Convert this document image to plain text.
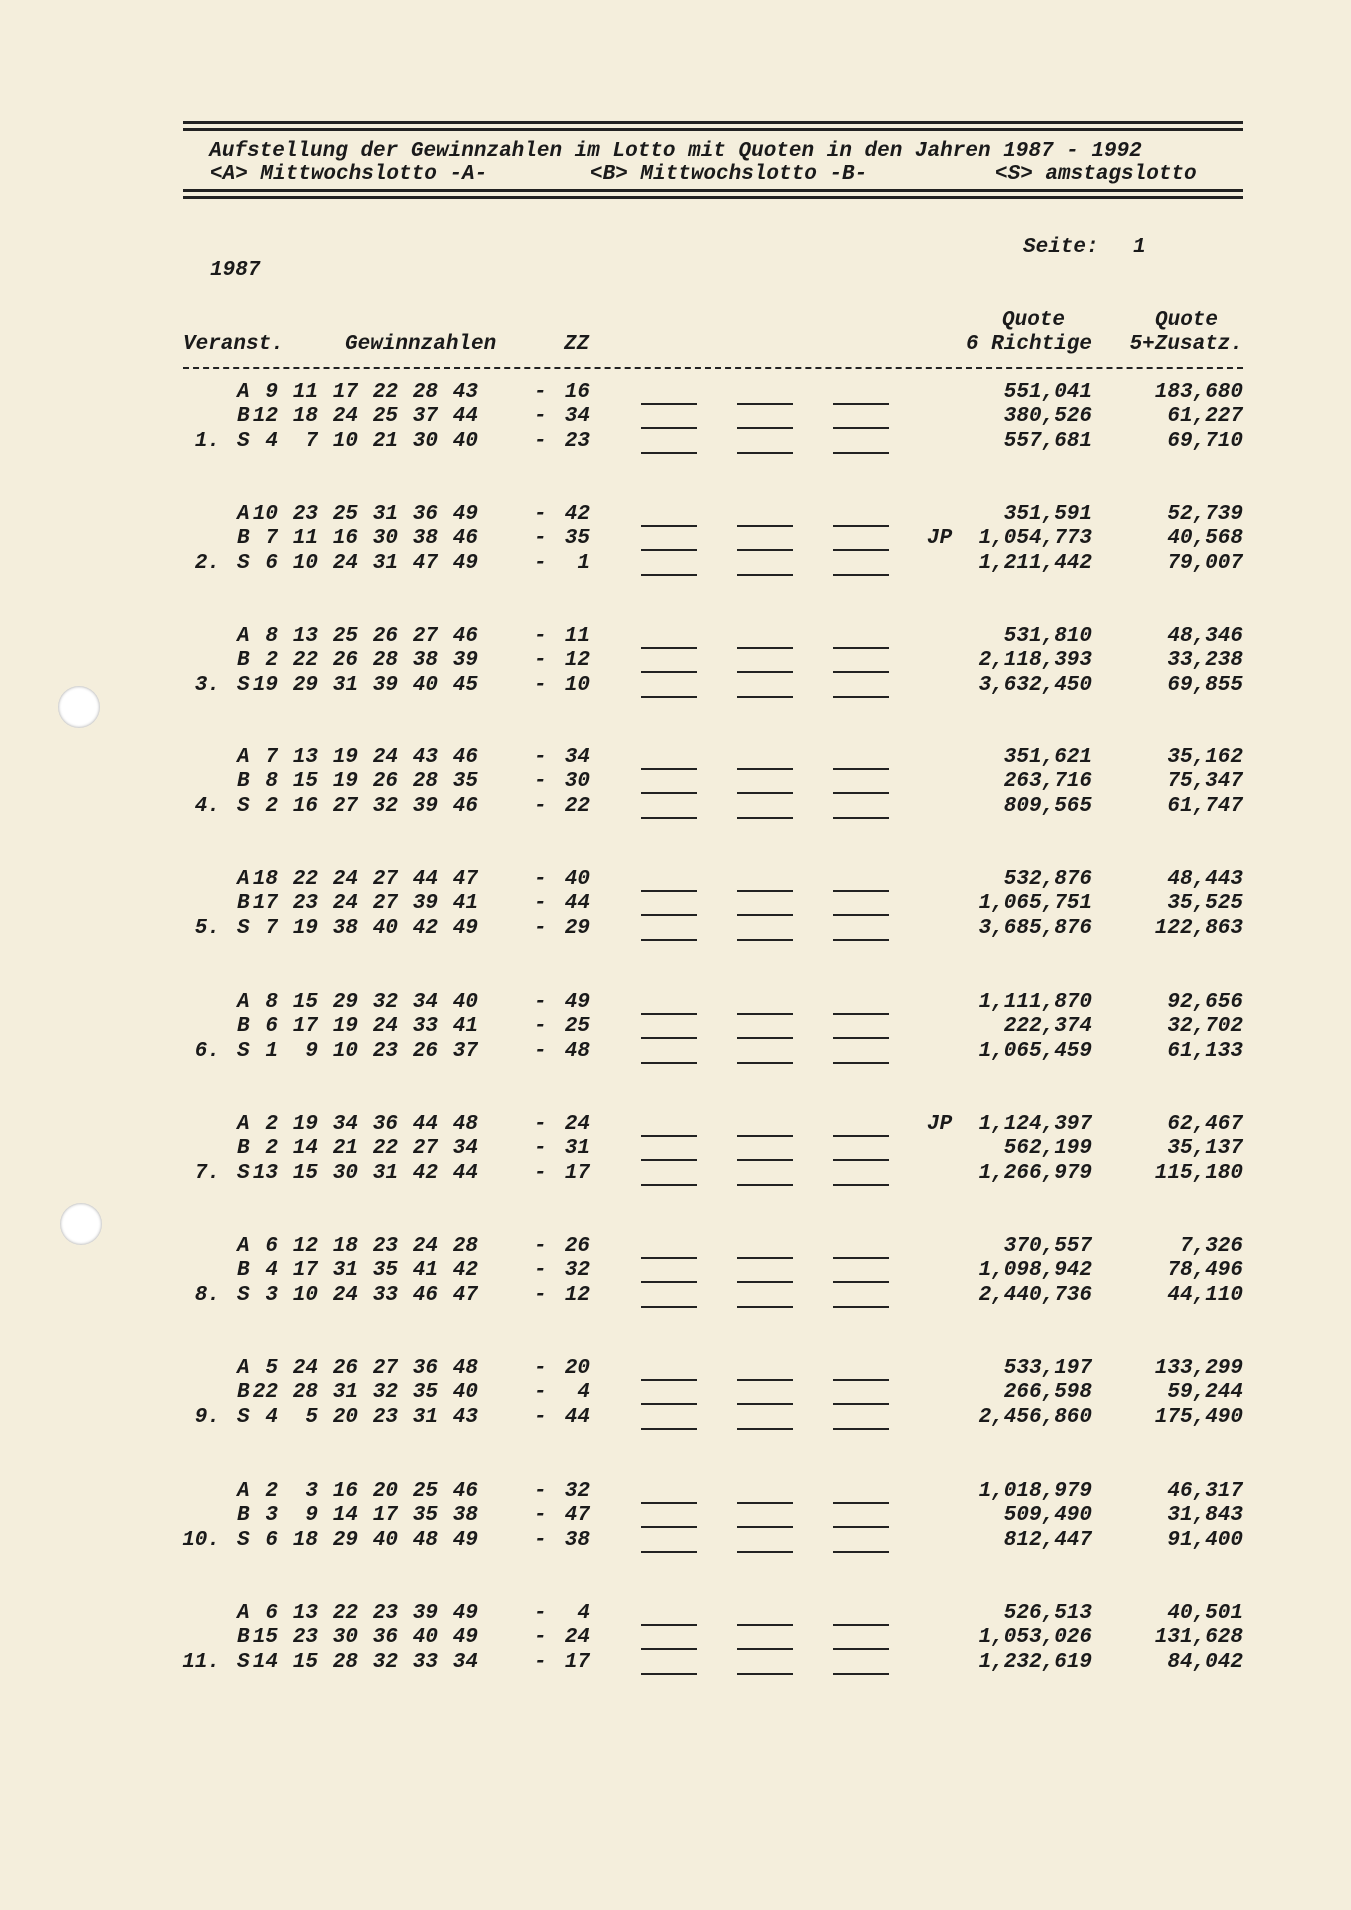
Aufstellung der Gewinnzahlen im Lotto mit Quoten in den Jahren 1987 - 1992
<A> Mittwochslotto -A-	<B> Mittwochslotto -B-	<S> amstagslotto
Seite: 1
1987
Quote	Quote
Veranst.	Gewinnzahlen	ZZ	6 Richtige	5+Zusatz.
A 9 11 17 22 28 43	- 16	551,041	183,680
B 12 18 24 25 37 44	- 34	380,526	61,227
1. S 4	7 10 21 30 40	- 23	557,681	69,710
A 10 23 25 31 36 49	- 42	351,591	52,739
B 7 11 16 30 38 46	- 35	JP	1,054,773	40,568
2. S 6 10 24 31 47 49	-	1	1,211,442	79,007
A 8 13 25 26 27 46	- 11	531,810	48,346
B 2 22 26 28 38 39	- 12	2,118,393	33,238
3. S 19 29 31 39 40 45	- 10	3,632,450	69,855
A 7 13 19 24 43 46	- 34	351,621	35,162
B 8 15 19 26 28 35	- 30	263,716	75,347
4. S 2 16 27 32 39 46	- 22	809,565	61,747
A 18 22 24 27 44 47	- 40	532,876	48,443
B 17 23 24 27 39 41	- 44	1,065,751	35,525
5. S 7 19 38 40 42 49	- 29	3,685,876	122,863
A 8 15 29 32 34 40	- 49	1,111,870	92,656
B 6 17 19 24 33 41	- 25	222,374	32,702
6. S 1	9 10 23 26 37	- 48	1,065,459	61,133
A 2 19 34 36 44 48	- 24	JP	1,124,397	62,467
B 2 14 21 22 27 34	- 31	562,199	35,137
7. S 13 15 30 31 42 44	- 17	1,266,979	115,180
A 6 12 18 23 24 28	- 26	370,557	7,326
B 4 17 31 35 41 42	- 32	1,098,942	78,496
8. S 3 10 24 33 46 47	- 12	2,440,736	44,110
A 5 24 26 27 36 48	- 20	533,197	133,299
B 22 28 31 32 35 40	-	4	266,598	59,244
9. S 4	5 20 23 31 43	- 44	2,456,860	175,490
A 2	3 16 20 25 46	- 32	1,018,979	46,317
B 3	9 14 17 35 38	- 47	509,490	31,843
10. S 6 18 29 40 48 49	- 38	812,447	91,400
A 6 13 22 23 39 49	-	4	526,513	40,501
B 15 23 30 36 40 49	- 24	1,053,026	131,628
11. S 14 15 28 32 33 34	- 17	1,232,619	84,042
